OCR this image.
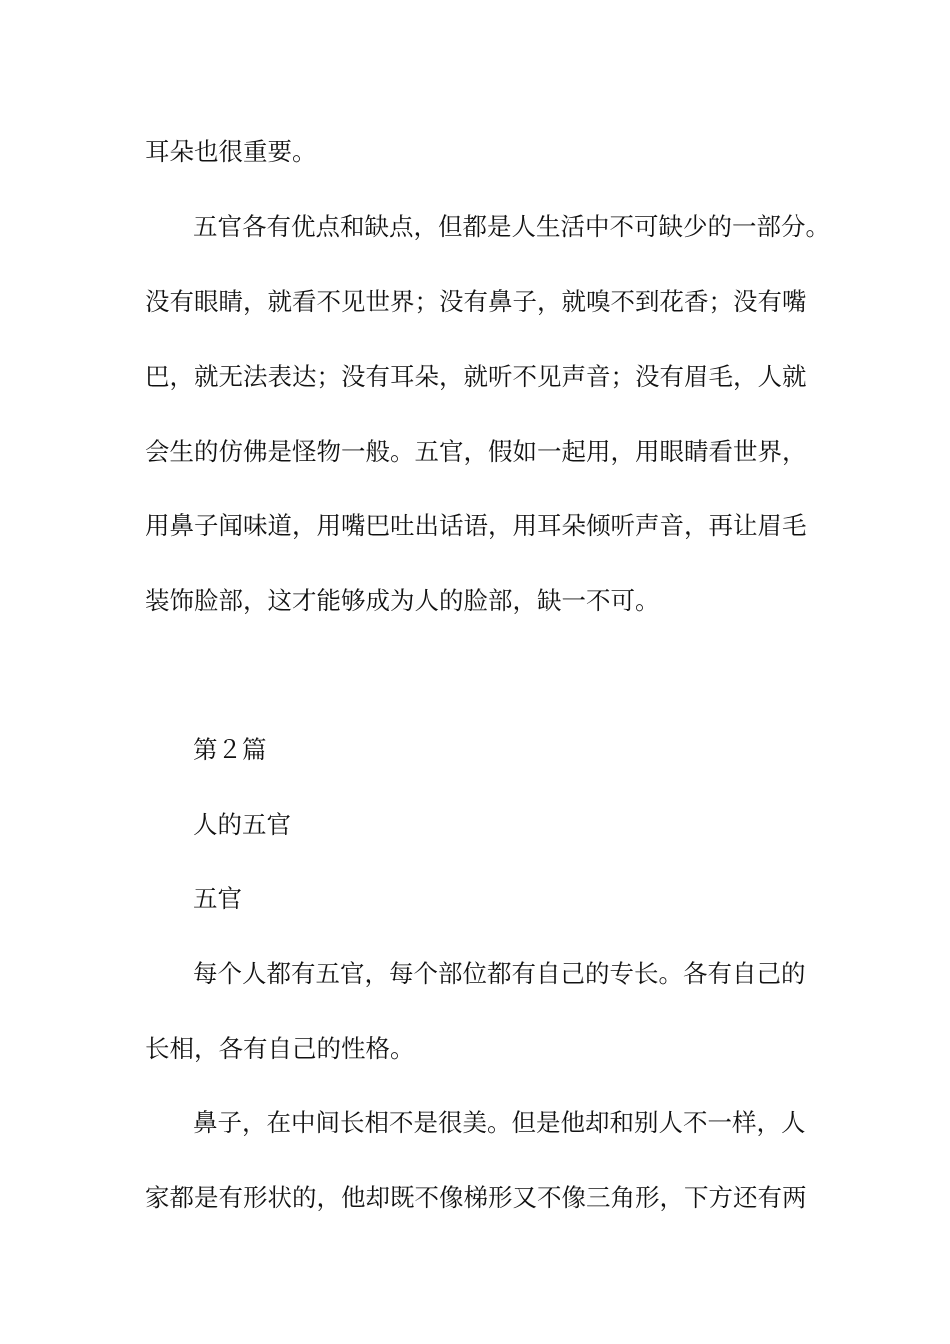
耳朵也很重要。
五官各有优点和缺点，但都是人生活中不可缺少的一部分。
没有眼睛，就看不见世界；没有鼻子，就嗅不到花香；没有嘴
巴，就无法表达；没有耳朵，就听不见声音；没有眉毛，人就
会生的仿佛是怪物一般。五官，假如一起用，用眼睛看世界，
用鼻子闻味道，用嘴巴吐出话语，用耳朵倾听声音，再让眉毛
装饰脸部，这才能够成为人的脸部，缺一不可。
第２篇
人的五官
五官
每个人都有五官，每个部位都有自己的专长。各有自己的
长相，各有自己的性格。
鼻子，在中间长相不是很美。但是他却和别人不一样，人
家都是有形状的，他却既不像梯形又不像三角形，下方还有两
